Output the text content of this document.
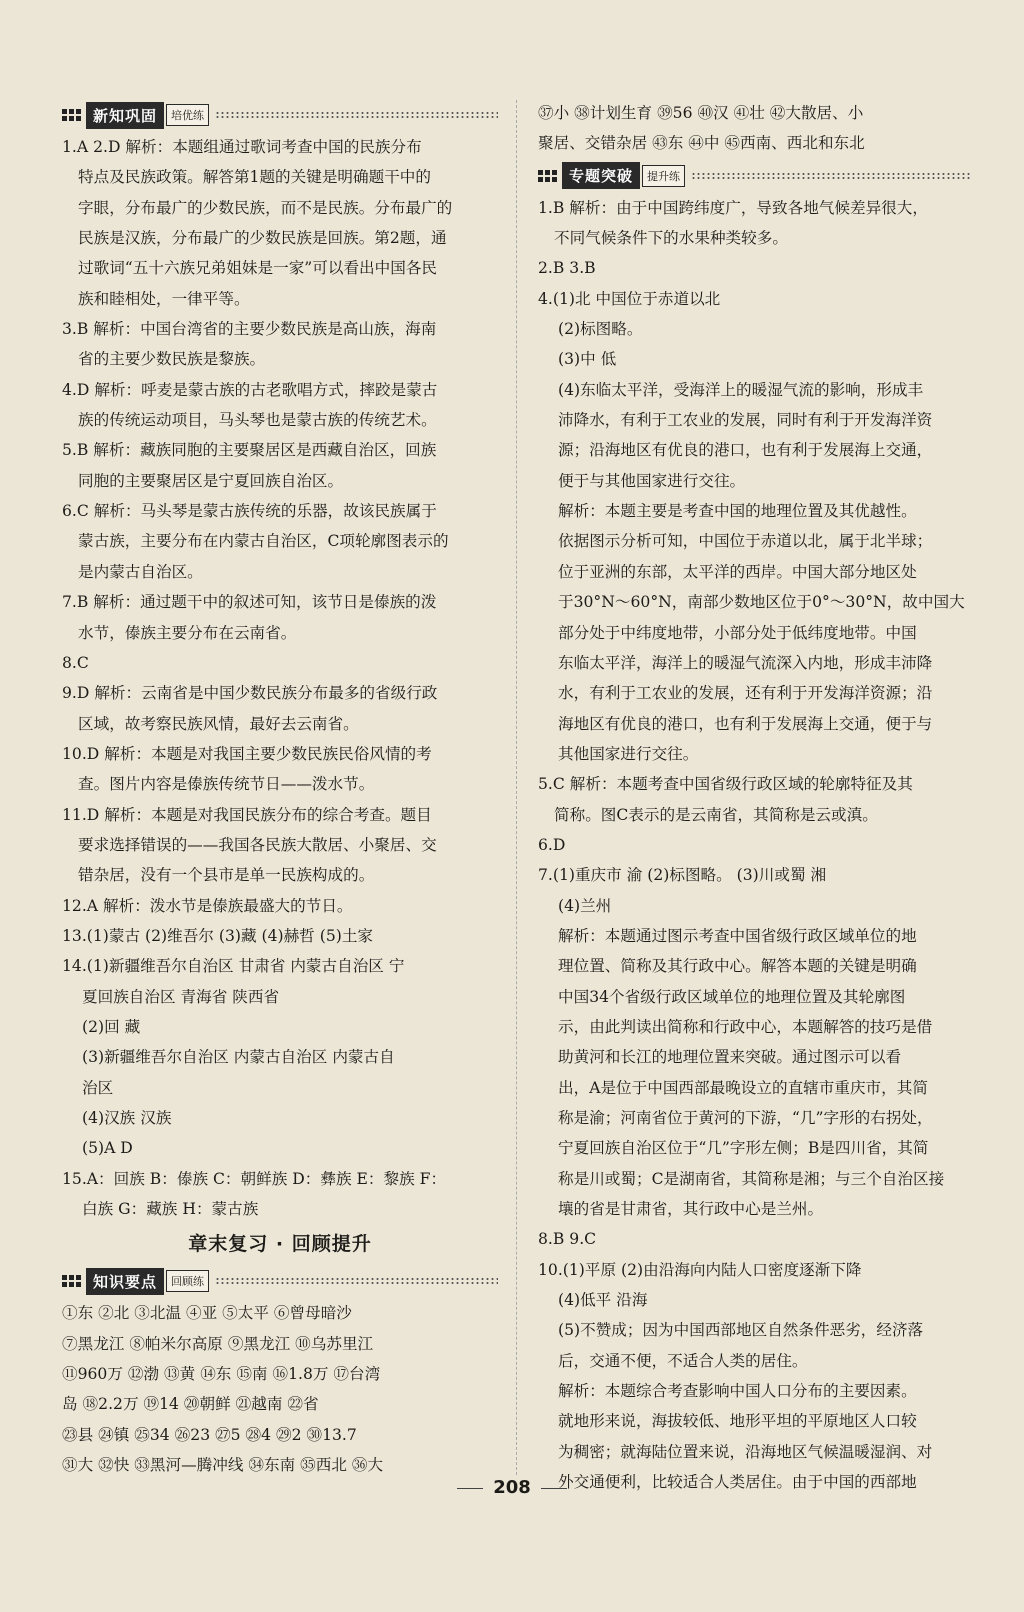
新知巩固	培优练
1.A 2.D 解析：本题组通过歌词考查中国的民族分布
特点及民族政策。解答第1题的关键是明确题干中的
字眼，分布最广的少数民族，而不是民族。分布最广的
民族是汉族，分布最广的少数民族是回族。第2题，通
过歌词“五十六族兄弟姐妹是一家”可以看出中国各民
族和睦相处，一律平等。
3.B 解析：中国台湾省的主要少数民族是高山族，海南
省的主要少数民族是黎族。
4.D 解析：呼麦是蒙古族的古老歌唱方式，摔跤是蒙古
族的传统运动项目，马头琴也是蒙古族的传统艺术。
5.B 解析：藏族同胞的主要聚居区是西藏自治区，回族
同胞的主要聚居区是宁夏回族自治区。
6.C 解析：马头琴是蒙古族传统的乐器，故该民族属于
蒙古族，主要分布在内蒙古自治区，C项轮廓图表示的
是内蒙古自治区。
7.B 解析：通过题干中的叙述可知，该节日是傣族的泼
水节，傣族主要分布在云南省。
8.C
9.D 解析：云南省是中国少数民族分布最多的省级行政
区域，故考察民族风情，最好去云南省。
10.D 解析：本题是对我国主要少数民族民俗风情的考
查。图片内容是傣族传统节日——泼水节。
11.D 解析：本题是对我国民族分布的综合考查。题目
要求选择错误的——我国各民族大散居、小聚居、交
错杂居，没有一个县市是单一民族构成的。
12.A 解析：泼水节是傣族最盛大的节日。
13.(1)蒙古 (2)维吾尔 (3)藏 (4)赫哲 (5)土家
14.(1)新疆维吾尔自治区 甘肃省 内蒙古自治区 宁
夏回族自治区 青海省 陕西省
(2)回 藏
(3)新疆维吾尔自治区 内蒙古自治区 内蒙古自
治区
(4)汉族 汉族
(5)A D
15.A：回族 B：傣族 C：朝鲜族 D：彝族 E：黎族 F：
白族 G：藏族 H：蒙古族
章末复习 · 回顾提升
知识要点	回顾练
①东 ②北 ③北温 ④亚 ⑤太平 ⑥曾母暗沙
⑦黑龙江 ⑧帕米尔高原 ⑨黑龙江 ⑩乌苏里江
⑪960万 ⑫渤 ⑬黄 ⑭东 ⑮南 ⑯1.8万 ⑰台湾
岛 ⑱2.2万 ⑲14 ⑳朝鲜 ㉑越南 ㉒省
㉓县 ㉔镇 ㉕34 ㉖23 ㉗5 ㉘4 ㉙2 ㉚13.7
㉛大 ㉜快 ㉝黑河—腾冲线 ㉞东南 ㉟西北 ㊱大
㊲小 ㊳计划生育 ㊴56 ㊵汉 ㊶壮 ㊷大散居、小
聚居、交错杂居 ㊸东 ㊹中 ㊺西南、西北和东北
专题突破	提升练
1.B 解析：由于中国跨纬度广，导致各地气候差异很大，
不同气候条件下的水果种类较多。
2.B 3.B
4.(1)北 中国位于赤道以北
(2)标图略。
(3)中 低
(4)东临太平洋，受海洋上的暖湿气流的影响，形成丰
沛降水，有利于工农业的发展，同时有利于开发海洋资
源；沿海地区有优良的港口，也有利于发展海上交通，
便于与其他国家进行交往。
解析：本题主要是考查中国的地理位置及其优越性。
依据图示分析可知，中国位于赤道以北，属于北半球；
位于亚洲的东部，太平洋的西岸。中国大部分地区处
于30°N～60°N，南部少数地区位于0°～30°N，故中国大
部分处于中纬度地带，小部分处于低纬度地带。中国
东临太平洋，海洋上的暖湿气流深入内地，形成丰沛降
水，有利于工农业的发展，还有利于开发海洋资源；沿
海地区有优良的港口，也有利于发展海上交通，便于与
其他国家进行交往。
5.C 解析：本题考查中国省级行政区域的轮廓特征及其
简称。图C表示的是云南省，其简称是云或滇。
6.D
7.(1)重庆市 渝 (2)标图略。 (3)川或蜀 湘
(4)兰州
解析：本题通过图示考查中国省级行政区域单位的地
理位置、简称及其行政中心。解答本题的关键是明确
中国34个省级行政区域单位的地理位置及其轮廓图
示，由此判读出简称和行政中心，本题解答的技巧是借
助黄河和长江的地理位置来突破。通过图示可以看
出，A是位于中国西部最晚设立的直辖市重庆市，其简
称是渝；河南省位于黄河的下游，“几”字形的右拐处，
宁夏回族自治区位于“几”字形左侧；B是四川省，其简
称是川或蜀；C是湖南省，其简称是湘；与三个自治区接
壤的省是甘肃省，其行政中心是兰州。
8.B 9.C
10.(1)平原 (2)由沿海向内陆人口密度逐渐下降
(4)低平 沿海
(5)不赞成；因为中国西部地区自然条件恶劣，经济落
后，交通不便，不适合人类的居住。
解析：本题综合考查影响中国人口分布的主要因素。
就地形来说，海拔较低、地形平坦的平原地区人口较
为稠密；就海陆位置来说，沿海地区气候温暖湿润、对
外交通便利，比较适合人类居住。由于中国的西部地
208
